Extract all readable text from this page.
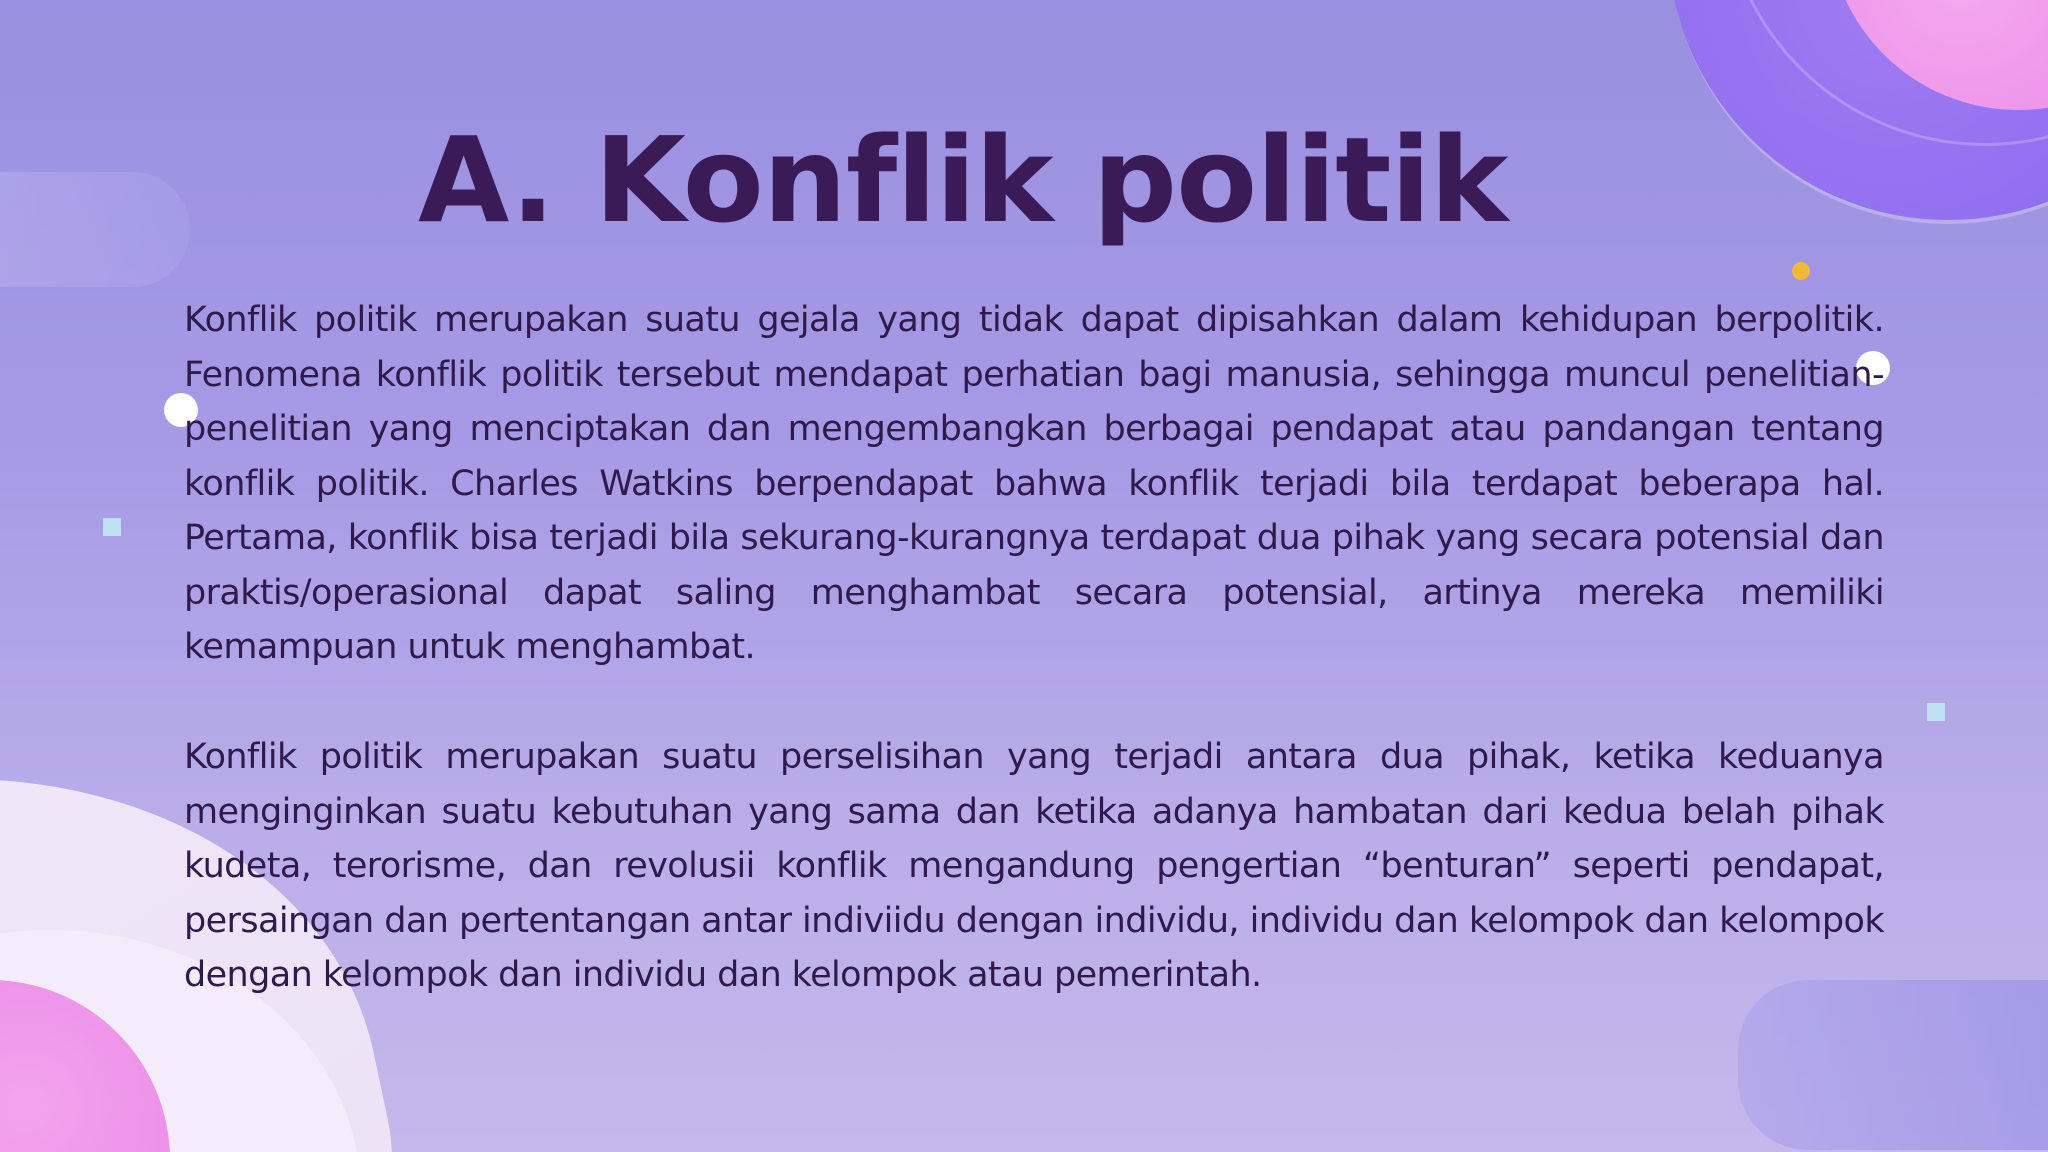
A. Konflik politik

Konflik politik merupakan suatu gejala yang tidak dapat dipisahkan dalam kehidupan berpolitik. Fenomena konflik politik tersebut mendapat perhatian bagi manusia, sehingga muncul penelitian-penelitian yang menciptakan dan mengembangkan berbagai pendapat atau pandangan tentang konflik politik. Charles Watkins berpendapat bahwa konflik terjadi bila terdapat beberapa hal. Pertama, konflik bisa terjadi bila sekurang-kurangnya terdapat dua pihak yang secara potensial dan praktis/operasional dapat saling menghambat secara potensial, artinya mereka memiliki kemampuan untuk menghambat.

Konflik politik merupakan suatu perselisihan yang terjadi antara dua pihak, ketika keduanya menginginkan suatu kebutuhan yang sama dan ketika adanya hambatan dari kedua belah pihak kudeta, terorisme, dan revolusii konflik mengandung pengertian “benturan” seperti pendapat, persaingan dan pertentangan antar indiviidu dengan individu, individu dan kelompok dan kelompok dengan kelompok dan individu dan kelompok atau pemerintah.
